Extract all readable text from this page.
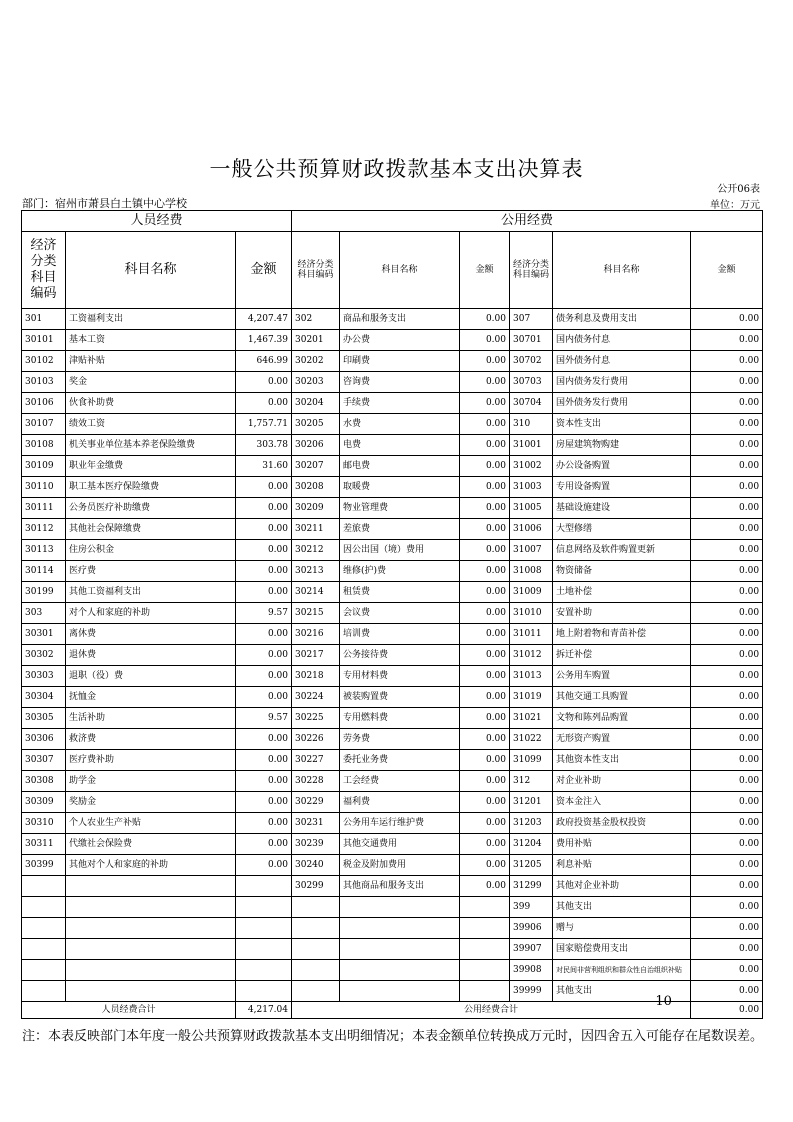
一般公共预算财政拨款基本支出决算表
公开06表
部门：宿州市萧县白土镇中心学校	单位：万元
人员经费			公用经费					
经济分类科目编码	科目名称	金额	经济分类科目编码	科目名称	金额	经济分类科目编码	科目名称	金额
301	工资福利支出	4,207.47	302	商品和服务支出	0.00	307	债务利息及费用支出	0.00
30101	基本工资	1,467.39	30201	办公费	0.00	30701	国内债务付息	0.00
30102	津贴补贴	646.99	30202	印刷费	0.00	30702	国外债务付息	0.00
30103	奖金	0.00	30203	咨询费	0.00	30703	国内债务发行费用	0.00
30106	伙食补助费	0.00	30204	手续费	0.00	30704	国外债务发行费用	0.00
30107	绩效工资	1,757.71	30205	水费	0.00	310	资本性支出	0.00
30108	机关事业单位基本养老保险缴费	303.78	30206	电费	0.00	31001	房屋建筑物购建	0.00
30109	职业年金缴费	31.60	30207	邮电费	0.00	31002	办公设备购置	0.00
30110	职工基本医疗保险缴费	0.00	30208	取暖费	0.00	31003	专用设备购置	0.00
30111	公务员医疗补助缴费	0.00	30209	物业管理费	0.00	31005	基础设施建设	0.00
30112	其他社会保障缴费	0.00	30211	差旅费	0.00	31006	大型修缮	0.00
30113	住房公积金	0.00	30212	因公出国（境）费用	0.00	31007	信息网络及软件购置更新	0.00
30114	医疗费	0.00	30213	维修(护)费	0.00	31008	物资储备	0.00
30199	其他工资福利支出	0.00	30214	租赁费	0.00	31009	土地补偿	0.00
303	对个人和家庭的补助	9.57	30215	会议费	0.00	31010	安置补助	0.00
30301	离休费	0.00	30216	培训费	0.00	31011	地上附着物和青苗补偿	0.00
30302	退休费	0.00	30217	公务接待费	0.00	31012	拆迁补偿	0.00
30303	退职（役）费	0.00	30218	专用材料费	0.00	31013	公务用车购置	0.00
30304	抚恤金	0.00	30224	被装购置费	0.00	31019	其他交通工具购置	0.00
30305	生活补助	9.57	30225	专用燃料费	0.00	31021	文物和陈列品购置	0.00
30306	救济费	0.00	30226	劳务费	0.00	31022	无形资产购置	0.00
30307	医疗费补助	0.00	30227	委托业务费	0.00	31099	其他资本性支出	0.00
30308	助学金	0.00	30228	工会经费	0.00	312	对企业补助	0.00
30309	奖励金	0.00	30229	福利费	0.00	31201	资本金注入	0.00
30310	个人农业生产补贴	0.00	30231	公务用车运行维护费	0.00	31203	政府投资基金股权投资	0.00
30311	代缴社会保险费	0.00	30239	其他交通费用	0.00	31204	费用补贴	0.00
30399	其他对个人和家庭的补助	0.00	30240	税金及附加费用	0.00	31205	利息补贴	0.00
			30299	其他商品和服务支出	0.00	31299	其他对企业补助	0.00
						399	其他支出	0.00
						39906	赠与	0.00
						39907	国家赔偿费用支出	0.00
						39908	对民间非营利组织和群众性自治组织补贴	0.00
						39999	其他支出	0.00
人员经费合计		4,217.04	公用经费合计					0.00
-10-
注：本表反映部门本年度一般公共预算财政拨款基本支出明细情况；本表金额单位转换成万元时，因四舍五入可能存在尾数误差。
